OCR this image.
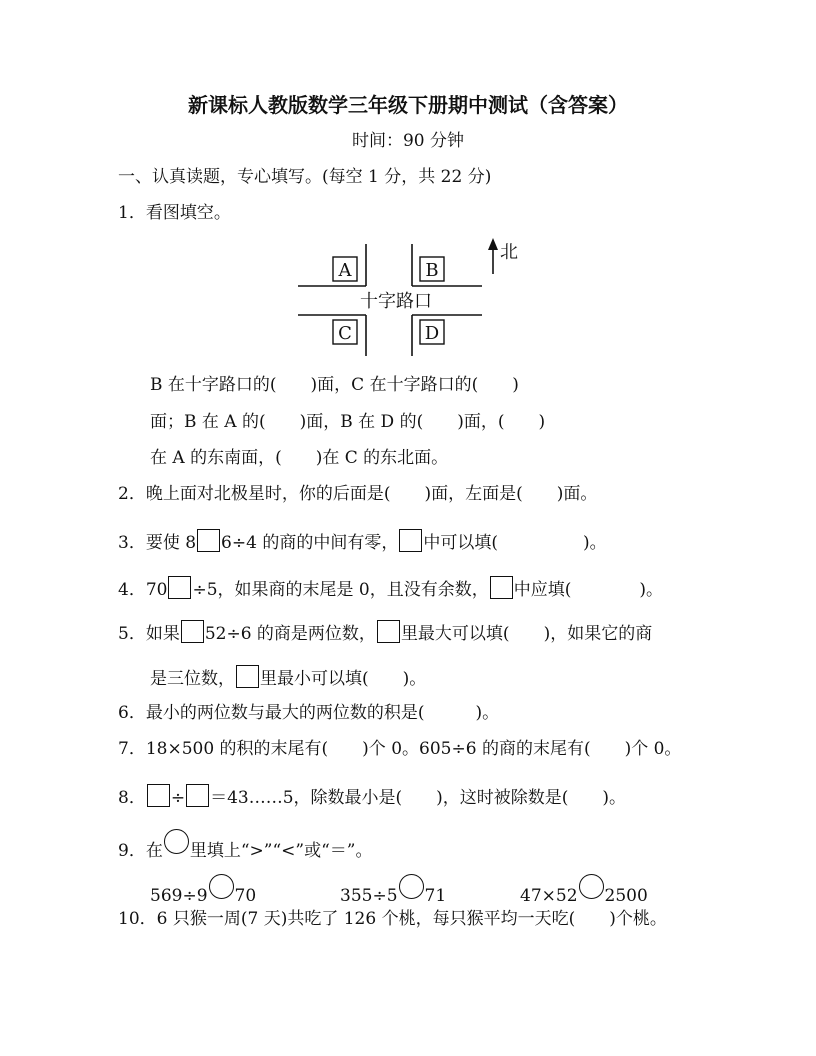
新课标人教版数学三年级下册期中测试（含答案）
时间：90 分钟
一、认真读题，专心填写。(每空 1 分，共 22 分)
1．看图填空。
A	B
C	D
十字路口
北
B 在十字路口的(　　)面，C 在十字路口的(　　)
面；B 在 A 的(　　)面，B 在 D 的(　　)面，(　　)
在 A 的东南面，(　　)在 C 的东北面。
2．晚上面对北极星时，你的后面是(　　)面，左面是(　　)面。
3．要使 8 6÷4 的商的中间有零， 中可以填(　　　　　)。
4．70 ÷5，如果商的末尾是 0，且没有余数， 中应填(　　　　)。
5．如果 52÷6 的商是两位数， 里最大可以填(　　)，如果它的商
是三位数， 里最小可以填(　　)。
6．最小的两位数与最大的两位数的积是(　　　)。
7．18×500 的积的末尾有(　　)个 0。605÷6 的商的末尾有(　　)个 0。
8． ÷ ＝43……5，除数最小是(　　)，这时被除数是(　　)。
9．在 里填上“>”“<”或“＝”。
569÷9 70	355÷5 71	47×52 2500
10．6 只猴一周(7 天)共吃了 126 个桃，每只猴平均一天吃(　　)个桃。
